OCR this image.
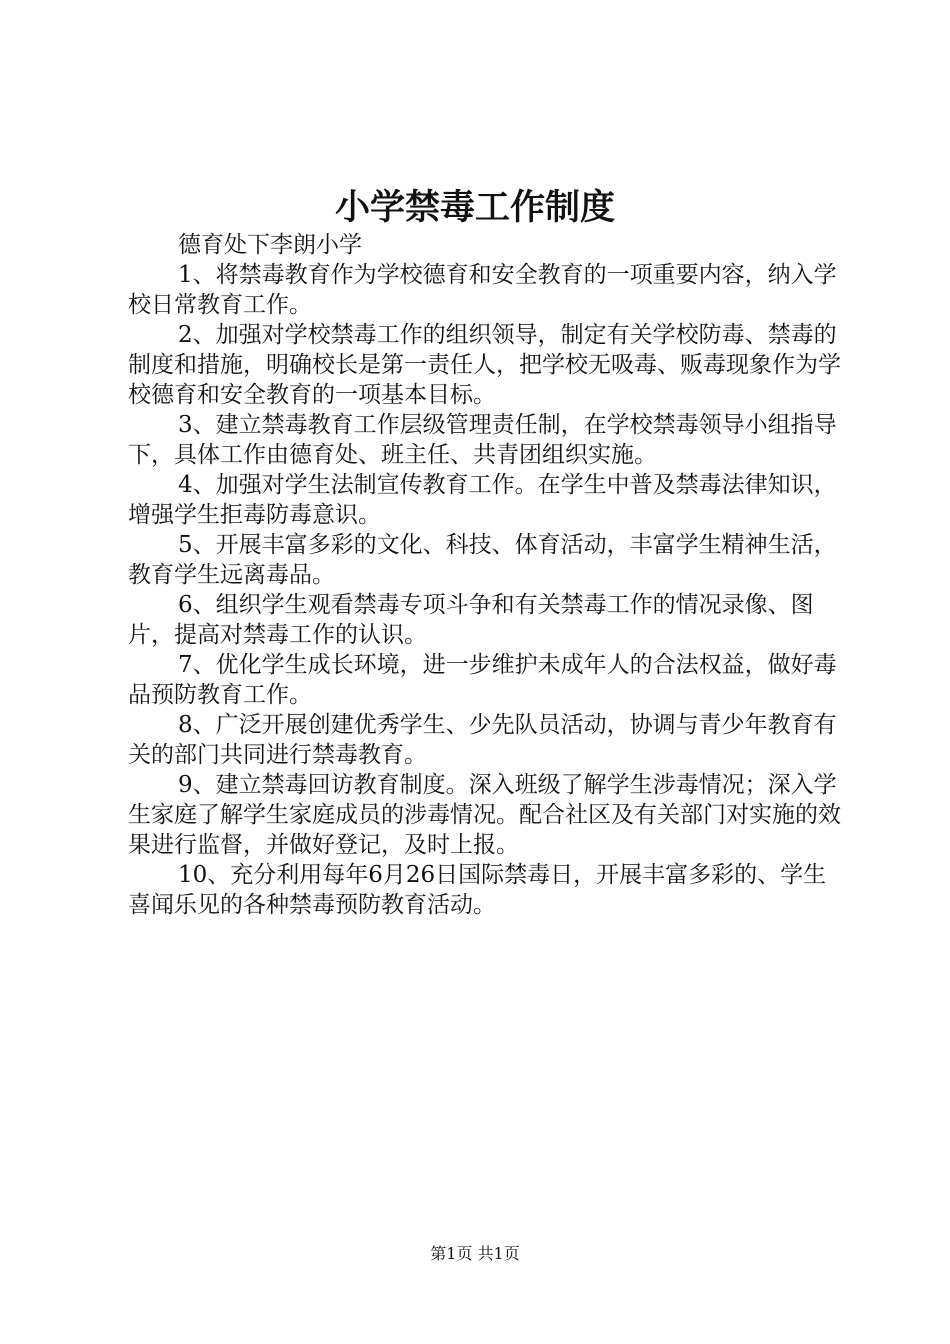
小学禁毒工作制度

德育处下李朗小学

1、将禁毒教育作为学校德育和安全教育的一项重要内容，纳入学校日常教育工作。

2、加强对学校禁毒工作的组织领导，制定有关学校防毒、禁毒的制度和措施，明确校长是第一责任人，把学校无吸毒、贩毒现象作为学校德育和安全教育的一项基本目标。

3、建立禁毒教育工作层级管理责任制，在学校禁毒领导小组指导下，具体工作由德育处、班主任、共青团组织实施。

4、加强对学生法制宣传教育工作。在学生中普及禁毒法律知识，增强学生拒毒防毒意识。

5、开展丰富多彩的文化、科技、体育活动，丰富学生精神生活，教育学生远离毒品。

6、组织学生观看禁毒专项斗争和有关禁毒工作的情况录像、图片，提高对禁毒工作的认识。

7、优化学生成长环境，进一步维护未成年人的合法权益，做好毒品预防教育工作。

8、广泛开展创建优秀学生、少先队员活动，协调与青少年教育有关的部门共同进行禁毒教育。

9、建立禁毒回访教育制度。深入班级了解学生涉毒情况；深入学生家庭了解学生家庭成员的涉毒情况。配合社区及有关部门对实施的效果进行监督，并做好登记，及时上报。

10、充分利用每年6月26日国际禁毒日，开展丰富多彩的、学生喜闻乐见的各种禁毒预防教育活动。

第1页 共1页
